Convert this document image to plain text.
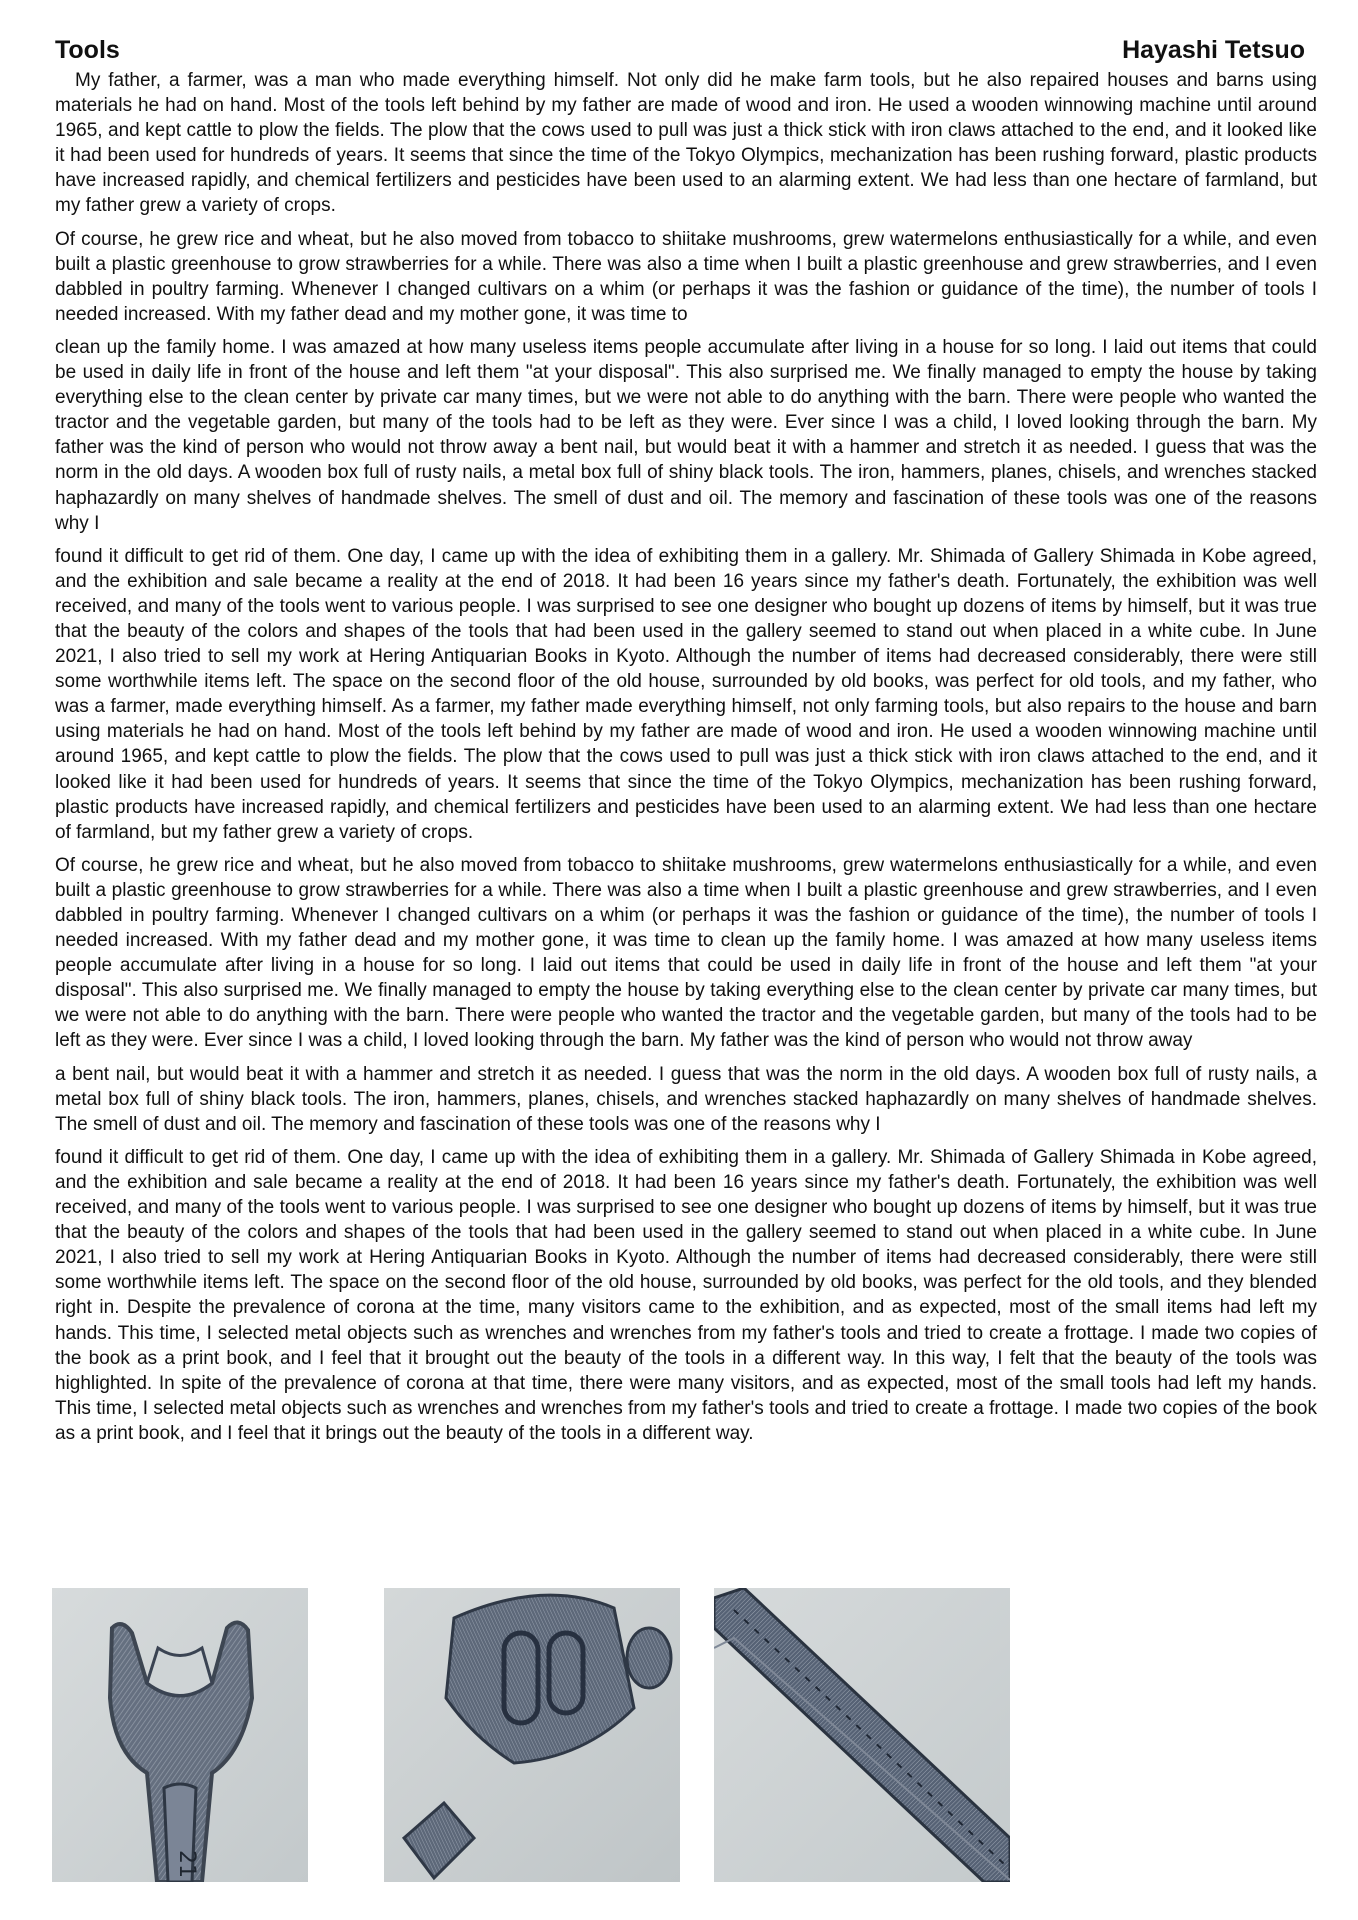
Tools	Hayashi Tetsuo

My father, a farmer, was a man who made everything himself. Not only did he make farm tools, but he also repaired houses and barns using materials he had on hand. Most of the tools left behind by my father are made of wood and iron. He used a wooden winnowing machine until around 1965, and kept cattle to plow the fields. The plow that the cows used to pull was just a thick stick with iron claws attached to the end, and it looked like it had been used for hundreds of years. It seems that since the time of the Tokyo Olympics, mechanization has been rushing forward, plastic products have increased rapidly, and chemical fertilizers and pesticides have been used to an alarming extent. We had less than one hectare of farmland, but my father grew a variety of crops.

Of course, he grew rice and wheat, but he also moved from tobacco to shiitake mushrooms, grew watermelons enthusiastically for a while, and even built a plastic greenhouse to grow strawberries for a while. There was also a time when I built a plastic greenhouse and grew strawberries, and I even dabbled in poultry farming. Whenever I changed cultivars on a whim (or perhaps it was the fashion or guidance of the time), the number of tools I needed increased. With my father dead and my mother gone, it was time to

clean up the family home. I was amazed at how many useless items people accumulate after living in a house for so long. I laid out items that could be used in daily life in front of the house and left them "at your disposal". This also surprised me. We finally managed to empty the house by taking everything else to the clean center by private car many times, but we were not able to do anything with the barn. There were people who wanted the tractor and the vegetable garden, but many of the tools had to be left as they were. Ever since I was a child, I loved looking through the barn. My father was the kind of person who would not throw away a bent nail, but would beat it with a hammer and stretch it as needed. I guess that was the norm in the old days. A wooden box full of rusty nails, a metal box full of shiny black tools. The iron, hammers, planes, chisels, and wrenches stacked haphazardly on many shelves of handmade shelves. The smell of dust and oil. The memory and fascination of these tools was one of the reasons why I

found it difficult to get rid of them. One day, I came up with the idea of exhibiting them in a gallery. Mr. Shimada of Gallery Shimada in Kobe agreed, and the exhibition and sale became a reality at the end of 2018. It had been 16 years since my father's death. Fortunately, the exhibition was well received, and many of the tools went to various people. I was surprised to see one designer who bought up dozens of items by himself, but it was true that the beauty of the colors and shapes of the tools that had been used in the gallery seemed to stand out when placed in a white cube. In June 2021, I also tried to sell my work at Hering Antiquarian Books in Kyoto. Although the number of items had decreased considerably, there were still some worthwhile items left. The space on the second floor of the old house, surrounded by old books, was perfect for old tools, and my father, who was a farmer, made everything himself. As a farmer, my father made everything himself, not only farming tools, but also repairs to the house and barn using materials he had on hand. Most of the tools left behind by my father are made of wood and iron. He used a wooden winnowing machine until around 1965, and kept cattle to plow the fields. The plow that the cows used to pull was just a thick stick with iron claws attached to the end, and it looked like it had been used for hundreds of years. It seems that since the time of the Tokyo Olympics, mechanization has been rushing forward, plastic products have increased rapidly, and chemical fertilizers and pesticides have been used to an alarming extent. We had less than one hectare of farmland, but my father grew a variety of crops.

Of course, he grew rice and wheat, but he also moved from tobacco to shiitake mushrooms, grew watermelons enthusiastically for a while, and even built a plastic greenhouse to grow strawberries for a while. There was also a time when I built a plastic greenhouse and grew strawberries, and I even dabbled in poultry farming. Whenever I changed cultivars on a whim (or perhaps it was the fashion or guidance of the time), the number of tools I needed increased. With my father dead and my mother gone, it was time to clean up the family home. I was amazed at how many useless items people accumulate after living in a house for so long. I laid out items that could be used in daily life in front of the house and left them "at your disposal". This also surprised me. We finally managed to empty the house by taking everything else to the clean center by private car many times, but we were not able to do anything with the barn. There were people who wanted the tractor and the vegetable garden, but many of the tools had to be left as they were. Ever since I was a child, I loved looking through the barn. My father was the kind of person who would not throw away

a bent nail, but would beat it with a hammer and stretch it as needed. I guess that was the norm in the old days. A wooden box full of rusty nails, a metal box full of shiny black tools. The iron, hammers, planes, chisels, and wrenches stacked haphazardly on many shelves of handmade shelves. The smell of dust and oil. The memory and fascination of these tools was one of the reasons why I

found it difficult to get rid of them. One day, I came up with the idea of exhibiting them in a gallery. Mr. Shimada of Gallery Shimada in Kobe agreed, and the exhibition and sale became a reality at the end of 2018. It had been 16 years since my father's death. Fortunately, the exhibition was well received, and many of the tools went to various people. I was surprised to see one designer who bought up dozens of items by himself, but it was true that the beauty of the colors and shapes of the tools that had been used in the gallery seemed to stand out when placed in a white cube. In June 2021, I also tried to sell my work at Hering Antiquarian Books in Kyoto. Although the number of items had decreased considerably, there were still some worthwhile items left. The space on the second floor of the old house, surrounded by old books, was perfect for the old tools, and they blended right in. Despite the prevalence of corona at the time, many visitors came to the exhibition, and as expected, most of the small items had left my hands. This time, I selected metal objects such as wrenches and wrenches from my father's tools and tried to create a frottage. I made two copies of the book as a print book, and I feel that it brought out the beauty of the tools in a different way. In this way, I felt that the beauty of the tools was highlighted. In spite of the prevalence of corona at that time, there were many visitors, and as expected, most of the small tools had left my hands. This time, I selected metal objects such as wrenches and wrenches from my father's tools and tried to create a frottage. I made two copies of the book as a print book, and I feel that it brings out the beauty of the tools in a different way.

21
